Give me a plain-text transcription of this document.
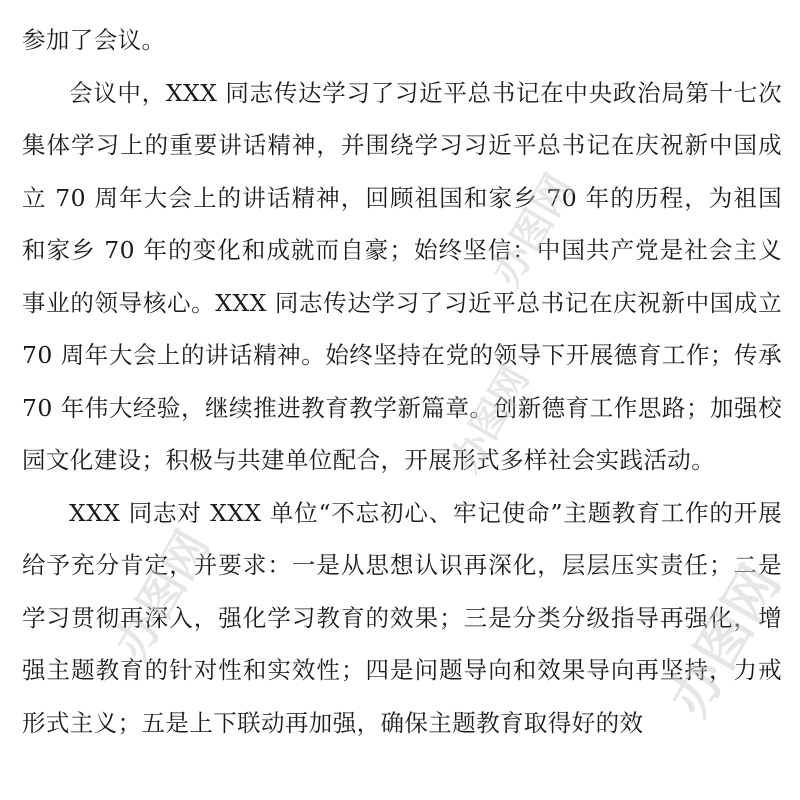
参加了会议。

会议中，XXX 同志传达学习了习近平总书记在中央政治局第十七次集体学习上的重要讲话精神，并围绕学习习近平总书记在庆祝新中国成立 70 周年大会上的讲话精神，回顾祖国和家乡 70 年的历程，为祖国和家乡 70 年的变化和成就而自豪；始终坚信：中国共产党是社会主义事业的领导核心。XXX 同志传达学习了习近平总书记在庆祝新中国成立 70 周年大会上的讲话精神。始终坚持在党的领导下开展德育工作；传承 70 年伟大经验，继续推进教育教学新篇章。创新德育工作思路；加强校园文化建设；积极与共建单位配合，开展形式多样社会实践活动。

XXX 同志对 XXX 单位“不忘初心、牢记使命”主题教育工作的开展给予充分肯定，并要求：一是从思想认识再深化，层层压实责任；二是学习贯彻再深入，强化学习教育的效果；三是分类分级指导再强化，增强主题教育的针对性和实效性；四是问题导向和效果导向再坚持，力戒形式主义；五是上下联动再加强，确保主题教育取得好的效

办图网
办图网
办图网
办图网
